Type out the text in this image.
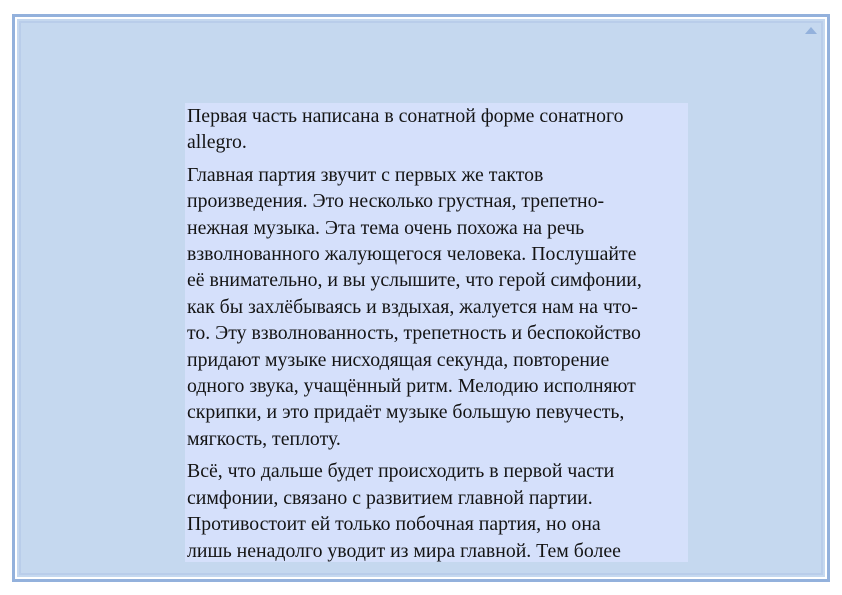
Первая часть написана в сонатной форме сонатного
allegro.

Главная партия звучит с первых же тактов
произведения. Это несколько грустная, трепетно-
нежная музыка. Эта тема очень похожа на речь
взволнованного жалующегося человека. Послушайте
её внимательно, и вы услышите, что герой симфонии,
как бы захлёбываясь и вздыхая, жалуется нам на что-
то. Эту взволнованность, трепетность и беспокойство
придают музыке нисходящая секунда, повторение
одного звука, учащённый ритм. Мелодию исполняют
скрипки, и это придаёт музыке большую певучесть,
мягкость, теплоту.

Всё, что дальше будет происходить в первой части
симфонии, связано с развитием главной партии.
Противостоит ей только побочная партия, но она
лишь ненадолго уводит из мира главной. Тем более
